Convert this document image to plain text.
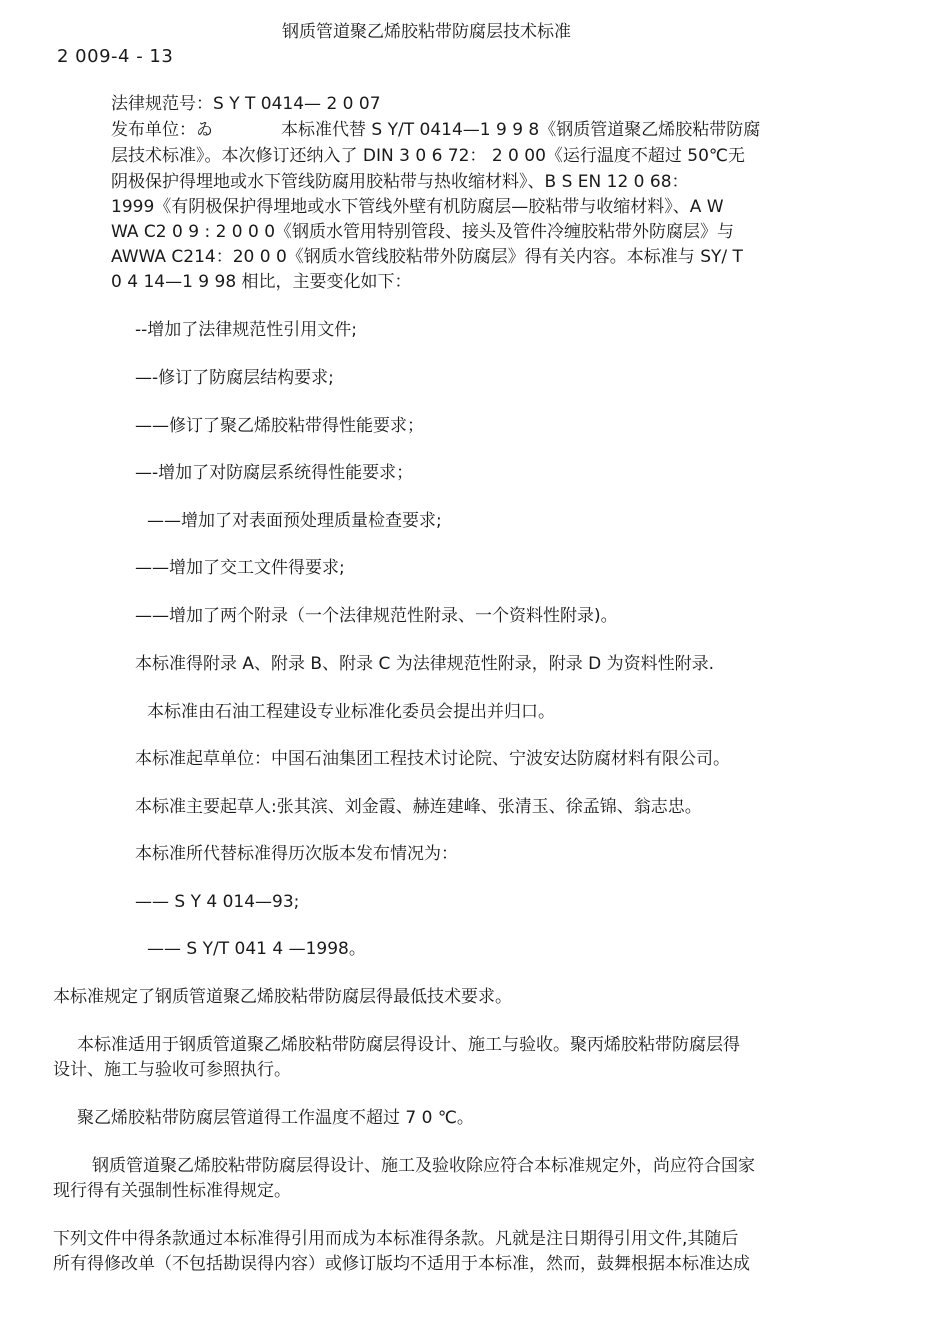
钢质管道聚乙烯胶粘带防腐层技术标准
2 009-4 - 13
法律规范号：S Y T 0414— 2 0 07
发布单位：ゐ	本标准代替 S Y/T 0414—1 9 9 8《钢质管道聚乙烯胶粘带防腐
层技术标准》。本次修订还纳入了 DIN 3 0 6 72： 2 0 00《运行温度不超过 50℃无
阴极保护得埋地或水下管线防腐用胶粘带与热收缩材料》、B S EN 12 0 68：
1999《有阴极保护得埋地或水下管线外壁有机防腐层—胶粘带与收缩材料》、A W
WA C2 0 9 : 2 0 0 0《钢质水管用特别管段、接头及管件冷缠胶粘带外防腐层》与
AWWA C214：20 0 0《钢质水管线胶粘带外防腐层》得有关内容。本标准与 SY/ T
0 4 14—1 9 98 相比，主要变化如下：
--增加了法律规范性引用文件;
—-修订了防腐层结构要求;
——修订了聚乙烯胶粘带得性能要求；
—-增加了对防腐层系统得性能要求；
——增加了对表面预处理质量检查要求;
——增加了交工文件得要求;
——增加了两个附录（一个法律规范性附录、一个资料性附录)。
本标准得附录 A、附录 B、附录 C 为法律规范性附录，附录 D 为资料性附录.
本标准由石油工程建设专业标准化委员会提出并归口。
本标准起草单位：中国石油集团工程技术讨论院、宁波安达防腐材料有限公司。
本标准主要起草人:张其滨、刘金霞、赫连建峰、张清玉、徐孟锦、翁志忠。
本标准所代替标准得历次版本发布情况为：
—— S Y 4 014—93;
—— S Y/T 041 4 —1998。
本标准规定了钢质管道聚乙烯胶粘带防腐层得最低技术要求。
本标准适用于钢质管道聚乙烯胶粘带防腐层得设计、施工与验收。聚丙烯胶粘带防腐层得
设计、施工与验收可参照执行。
聚乙烯胶粘带防腐层管道得工作温度不超过 7 0 ℃。
钢质管道聚乙烯胶粘带防腐层得设计、施工及验收除应符合本标准规定外，尚应符合国家
现行得有关强制性标准得规定。
下列文件中得条款通过本标准得引用而成为本标准得条款。凡就是注日期得引用文件,其随后
所有得修改单（不包括勘误得内容）或修订版均不适用于本标准，然而，鼓舞根据本标准达成
